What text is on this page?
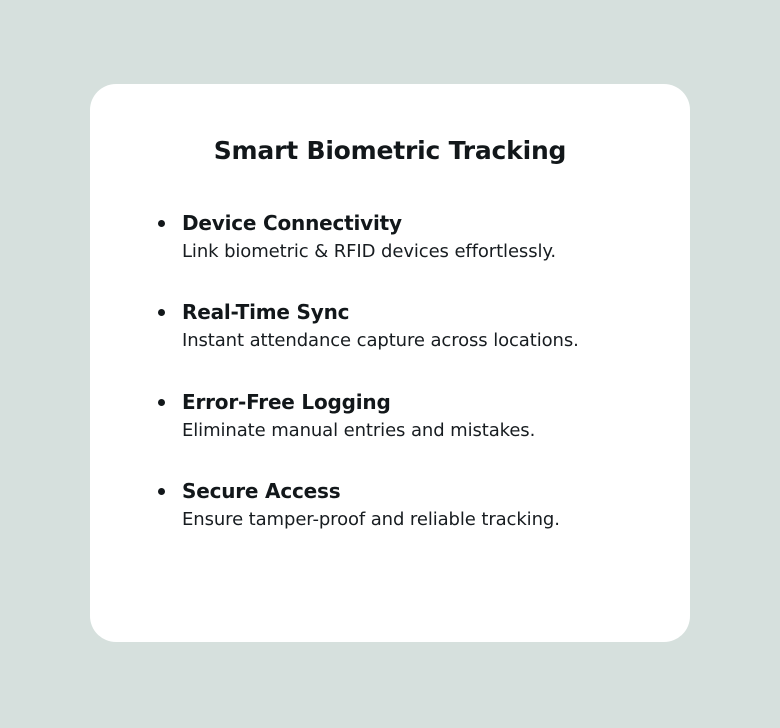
Smart Biometric Tracking
Device Connectivity
Link biometric & RFID devices effortlessly.
Real-Time Sync
Instant attendance capture across locations.
Error-Free Logging
Eliminate manual entries and mistakes.
Secure Access
Ensure tamper-proof and reliable tracking.
